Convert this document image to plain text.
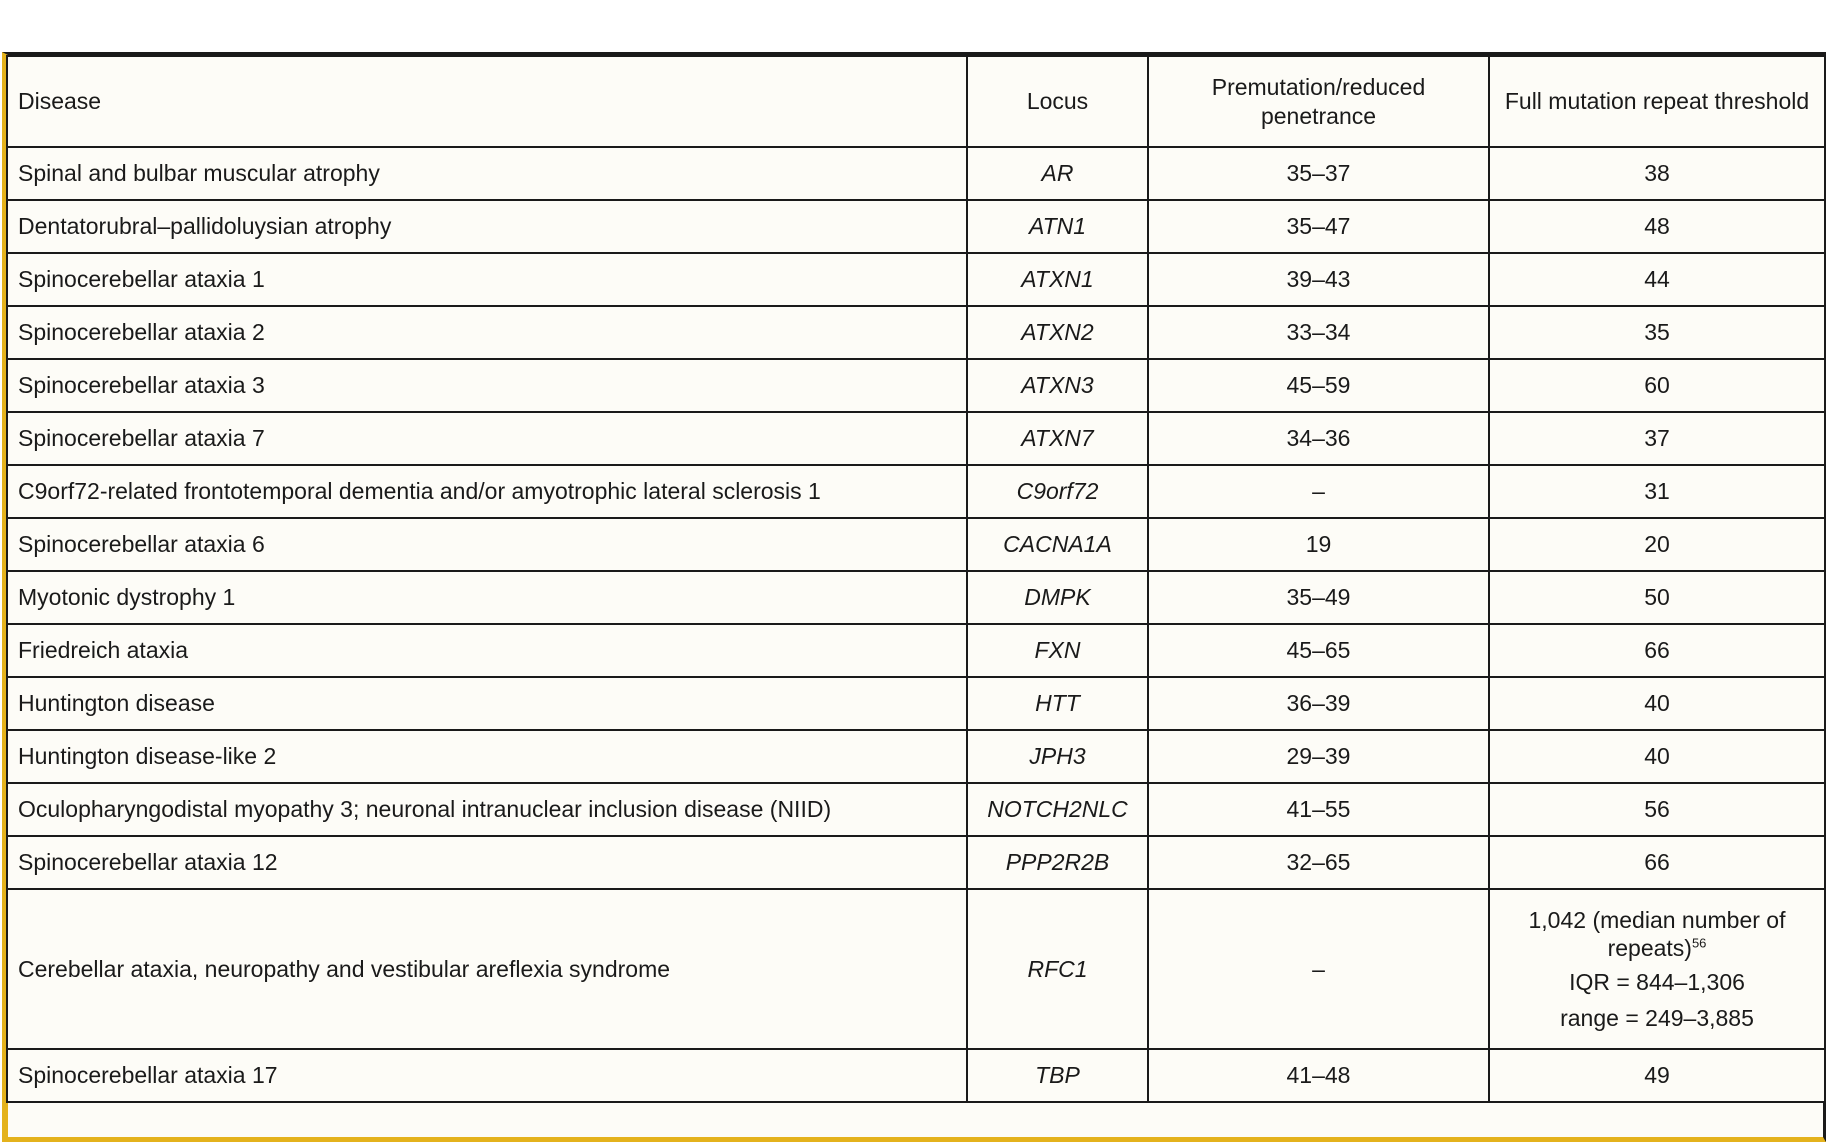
Disease	Locus	Premutation/reduced penetrance	Full mutation repeat threshold
Spinal and bulbar muscular atrophy	AR	35–37	38
Dentatorubral–pallidoluysian atrophy	ATN1	35–47	48
Spinocerebellar ataxia 1	ATXN1	39–43	44
Spinocerebellar ataxia 2	ATXN2	33–34	35
Spinocerebellar ataxia 3	ATXN3	45–59	60
Spinocerebellar ataxia 7	ATXN7	34–36	37
C9orf72-related frontotemporal dementia and/or amyotrophic lateral sclerosis 1	C9orf72	–	31
Spinocerebellar ataxia 6	CACNA1A	19	20
Myotonic dystrophy 1	DMPK	35–49	50
Friedreich ataxia	FXN	45–65	66
Huntington disease	HTT	36–39	40
Huntington disease-like 2	JPH3	29–39	40
Oculopharyngodistal myopathy 3; neuronal intranuclear inclusion disease (NIID)	NOTCH2NLC	41–55	56
Spinocerebellar ataxia 12	PPP2R2B	32–65	66
Cerebellar ataxia, neuropathy and vestibular areflexia syndrome	RFC1	–	1,042 (median number of repeats)$^{56}$
IQR = 844–1,306
range = 249–3,885

Spinocerebellar ataxia 17	TBP	41–48	49
